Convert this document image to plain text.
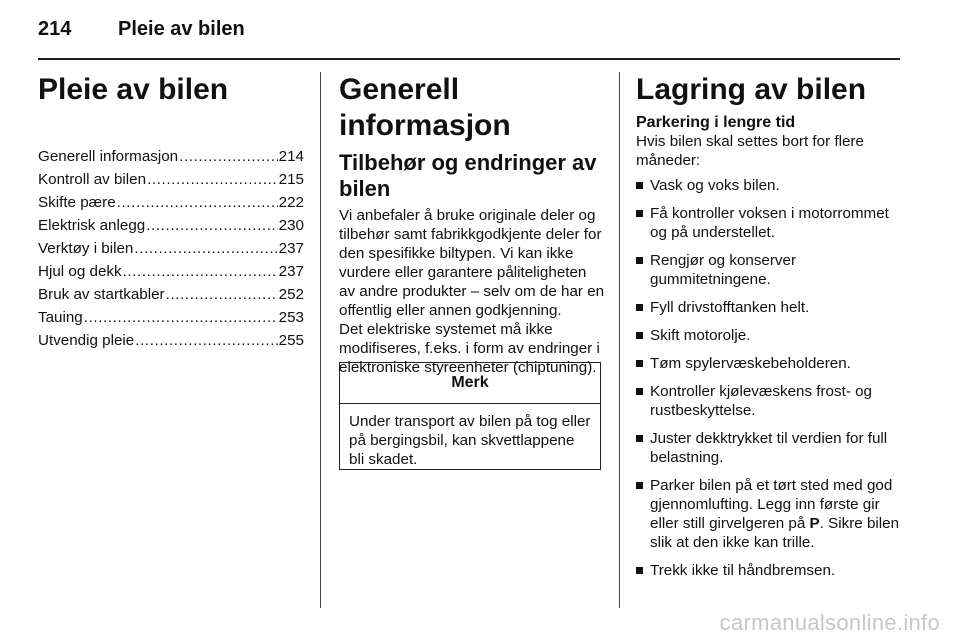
214 Pleie av bilen
Pleie av bilen
Generell informasjon .....	214
Kontroll av bilen .....	215
Skifte pære .....	222
Elektrisk anlegg .....	230
Verktøy i bilen .....	237
Hjul og dekk .....	237
Bruk av startkabler .....	252
Tauing .....	253
Utvendig pleie .....	255
Generell informasjon
Tilbehør og endringer av bilen

Vi anbefaler å bruke originale deler og tilbehør samt fabrikkgodkjente deler for den spesifikke biltypen. Vi kan ikke vurdere eller garantere påliteligheten av andre produkter – selv om de har en offentlig eller annen godkjenning.

Det elektriske systemet må ikke modifiseres, f.eks. i form av endringer i elektroniske styreenheter (chiptuning).

Merk
Under transport av bilen på tog eller på bergingsbil, kan skvettlappene bli skadet.
Lagring av bilen
Parkering i lengre tid

Hvis bilen skal settes bort for flere måneder:

Vask og voks bilen.
Få kontroller voksen i motorrommet og på understellet.
Rengjør og konserver gummitetningene.
Fyll drivstofftanken helt.
Skift motorolje.
Tøm spylervæskebeholderen.
Kontroller kjølevæskens frost- og rustbeskyttelse.
Juster dekktrykket til verdien for full belastning.
Parker bilen på et tørt sted med god gjennomlufting. Legg inn første gir eller still girvelgeren på P. Sikre bilen slik at den ikke kan trille.
Trekk ikke til håndbremsen.
carmanualsonline.info
